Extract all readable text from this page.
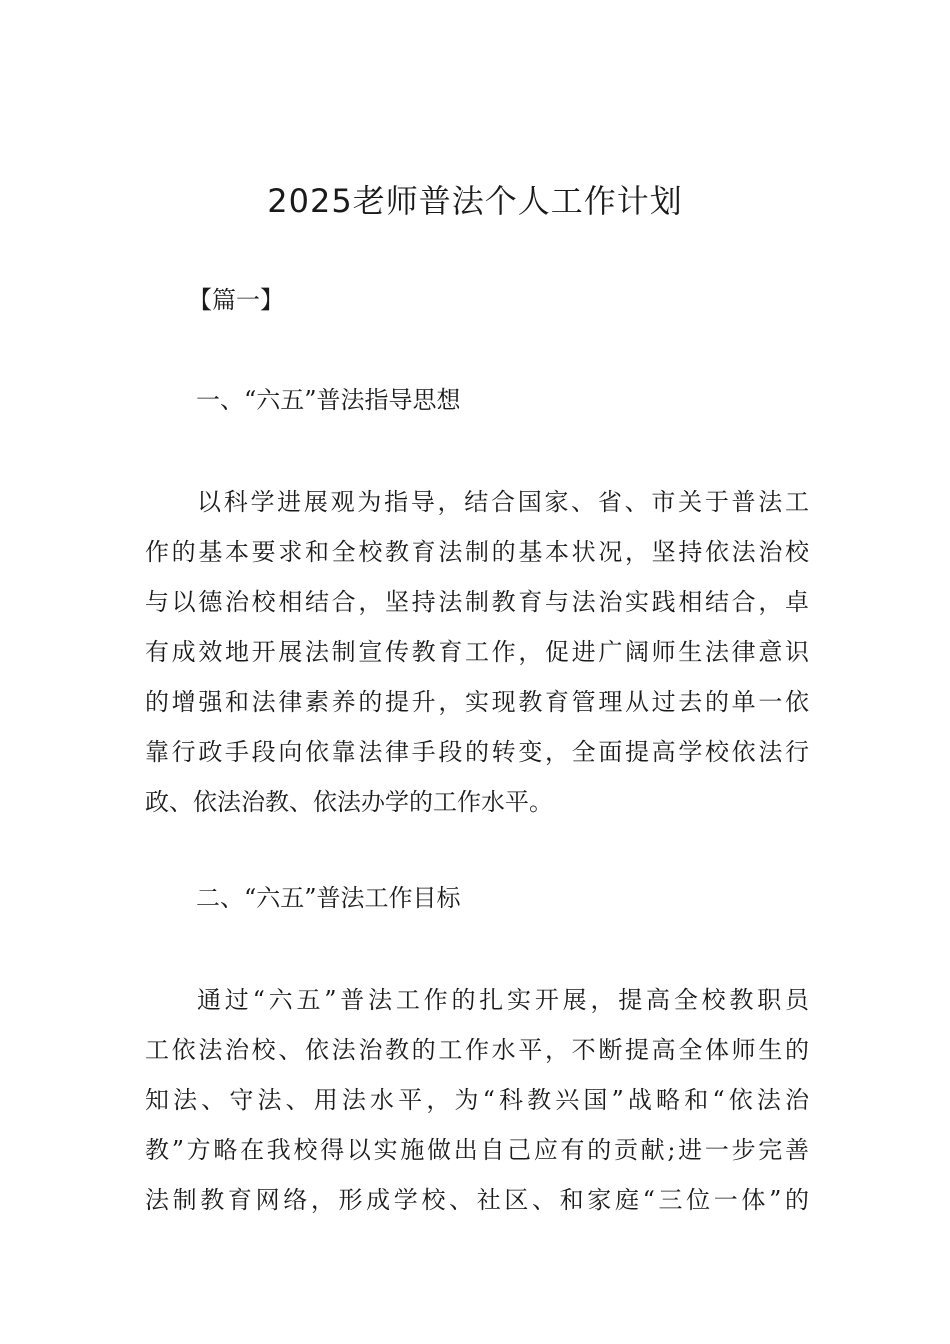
2025老师普法个人工作计划
【篇一】
一、“六五”普法指导思想
以科学进展观为指导，结合国家、省、市关于普法工
作的基本要求和全校教育法制的基本状况，坚持依法治校
与以德治校相结合，坚持法制教育与法治实践相结合，卓
有成效地开展法制宣传教育工作，促进广阔师生法律意识
的增强和法律素养的提升，实现教育管理从过去的单一依
靠行政手段向依靠法律手段的转变，全面提高学校依法行
政、依法治教、依法办学的工作水平。
二、“六五”普法工作目标
通过“六五”普法工作的扎实开展，提高全校教职员
工依法治校、依法治教的工作水平，不断提高全体师生的
知法、守法、用法水平，为“科教兴国”战略和“依法治
教”方略在我校得以实施做出自己应有的贡献;进一步完善
法制教育网络，形成学校、社区、和家庭“三位一体”的
